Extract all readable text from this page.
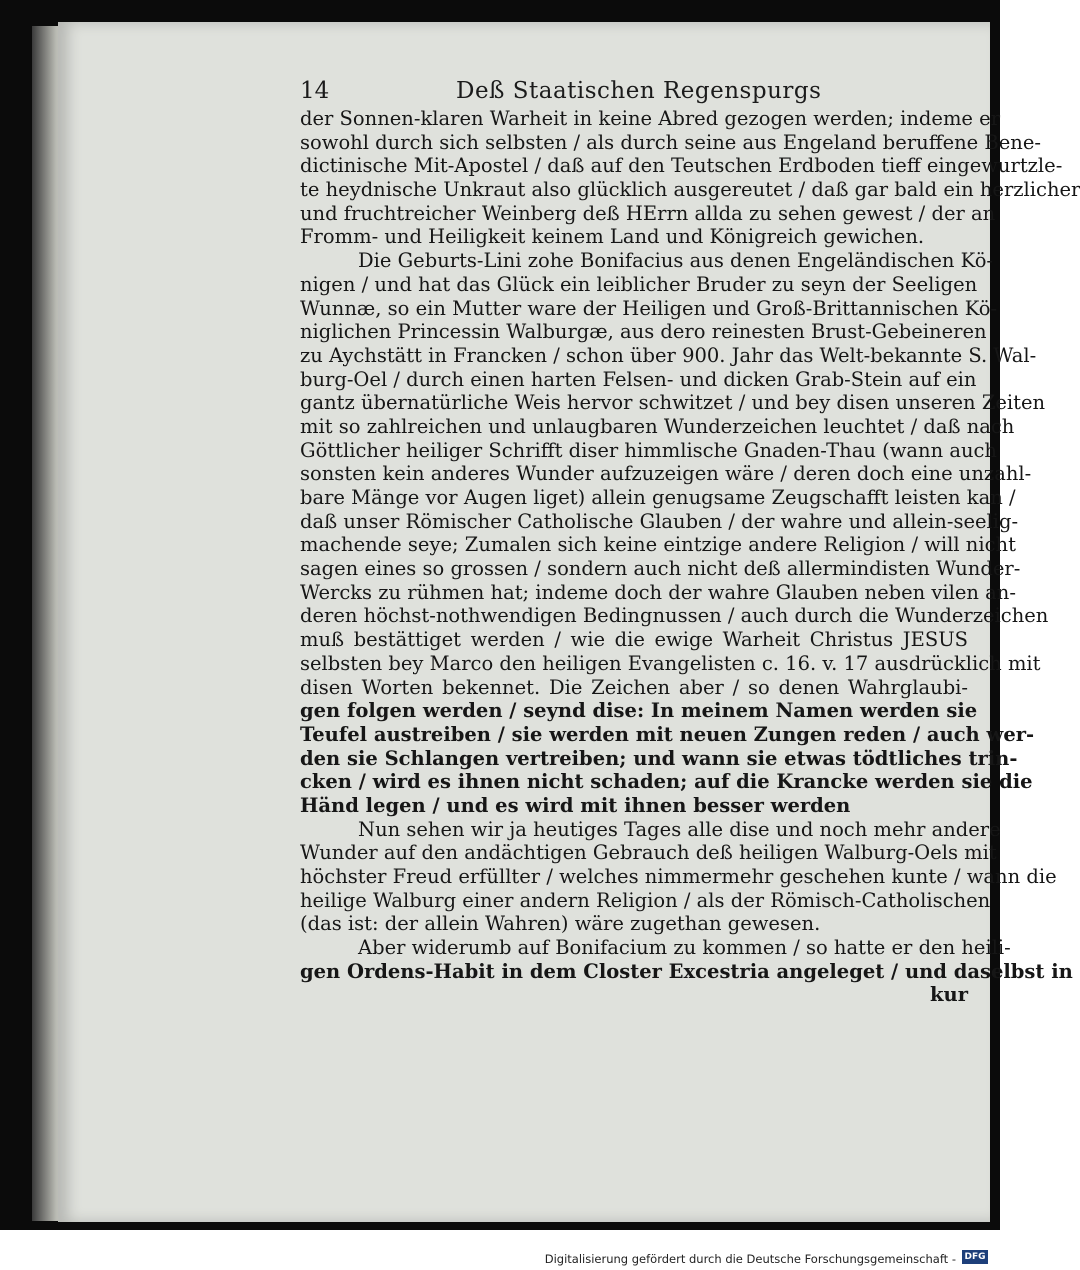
14	Deß Staatischen Regenspurgs
der Sonnen-klaren Warheit in keine Abred gezogen werden; indeme er
sowohl durch sich selbsten / als durch seine aus Engeland beruffene Bene-
dictinische Mit-Apostel / daß auf den Teutschen Erdboden tieff eingewurtzle-
te heydnische Unkraut also glücklich ausgereutet / daß gar bald ein herzlicher
und fruchtreicher Weinberg deß HErrn allda zu sehen gewest / der an
Fromm- und Heiligkeit keinem Land und Königreich gewichen.
Die Geburts-Lini zohe Bonifacius aus denen Engeländischen Kö-
nigen / und hat das Glück ein leiblicher Bruder zu seyn der Seeligen
Wunnæ, so ein Mutter ware der Heiligen und Groß-Brittannischen Kö-
niglichen Princessin Walburgæ, aus dero reinesten Brust-Gebeineren
zu Aychstätt in Francken / schon über 900. Jahr das Welt-bekannte S. Wal-
burg-Oel / durch einen harten Felsen- und dicken Grab-Stein auf ein
gantz übernatürliche Weis hervor schwitzet / und bey disen unseren Zeiten
mit so zahlreichen und unlaugbaren Wunderzeichen leuchtet / daß nach
Göttlicher heiliger Schrifft diser himmlische Gnaden-Thau (wann auch
sonsten kein anderes Wunder aufzuzeigen wäre / deren doch eine unzahl-
bare Mänge vor Augen liget) allein genugsame Zeugschafft leisten kan /
daß unser Römischer Catholische Glauben / der wahre und allein-seelig-
machende seye; Zumalen sich keine eintzige andere Religion / will nicht
sagen eines so grossen / sondern auch nicht deß allermindisten Wunder-
Wercks zu rühmen hat; indeme doch der wahre Glauben neben vilen an-
deren höchst-nothwendigen Bedingnussen / auch durch die Wunderzeichen
muß bestättiget werden / wie die ewige Warheit Christus JESUS
selbsten bey Marco den heiligen Evangelisten c. 16. v. 17 ausdrücklich mit
disen Worten bekennet. Die Zeichen aber / so denen Wahrglaubi-
gen folgen werden / seynd dise: In meinem Namen werden sie
Teufel austreiben / sie werden mit neuen Zungen reden / auch wer-
den sie Schlangen vertreiben; und wann sie etwas tödtliches trin-
cken / wird es ihnen nicht schaden; auf die Krancke werden sie die
Händ legen / und es wird mit ihnen besser werden
Nun sehen wir ja heutiges Tages alle dise und noch mehr andere
Wunder auf den andächtigen Gebrauch deß heiligen Walburg-Oels mit
höchster Freud erfüllter / welches nimmermehr geschehen kunte / wann die
heilige Walburg einer andern Religion / als der Römisch-Catholischen
(das ist: der allein Wahren) wäre zugethan gewesen.
Aber widerumb auf Bonifacium zu kommen / so hatte er den heili-
gen Ordens-Habit in dem Closter Excestria angeleget / und daselbst in
kur
Digitalisierung gefördert durch die Deutsche Forschungsgemeinschaft - DFG
